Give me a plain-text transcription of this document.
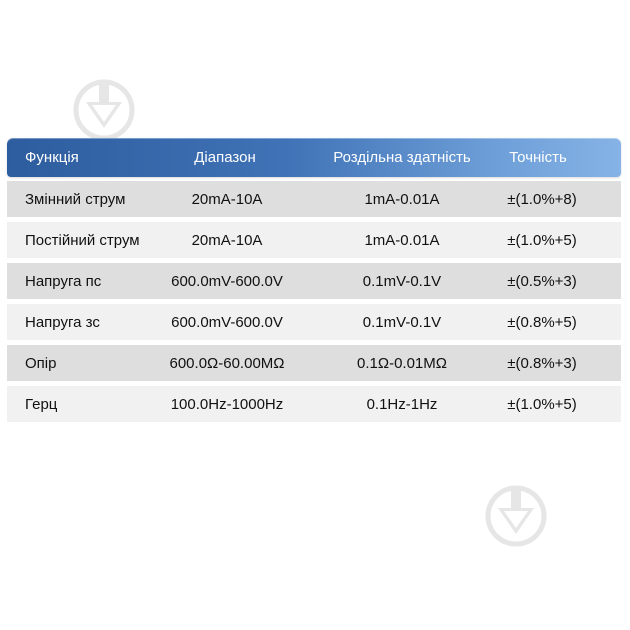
Функція	Діапазон	Роздільна здатність	Точність
Змінний струм	20mA-10A	1mA-0.01A	±(1.0%+8)
Постійний струм	20mA-10A	1mA-0.01A	±(1.0%+5)
Напруга пс	600.0mV-600.0V	0.1mV-0.1V	±(0.5%+3)
Напруга зс	600.0mV-600.0V	0.1mV-0.1V	±(0.8%+5)
Опір	600.0Ω-60.00MΩ	0.1Ω-0.01MΩ	±(0.8%+3)
Герц	100.0Hz-1000Hz	0.1Hz-1Hz	±(1.0%+5)
